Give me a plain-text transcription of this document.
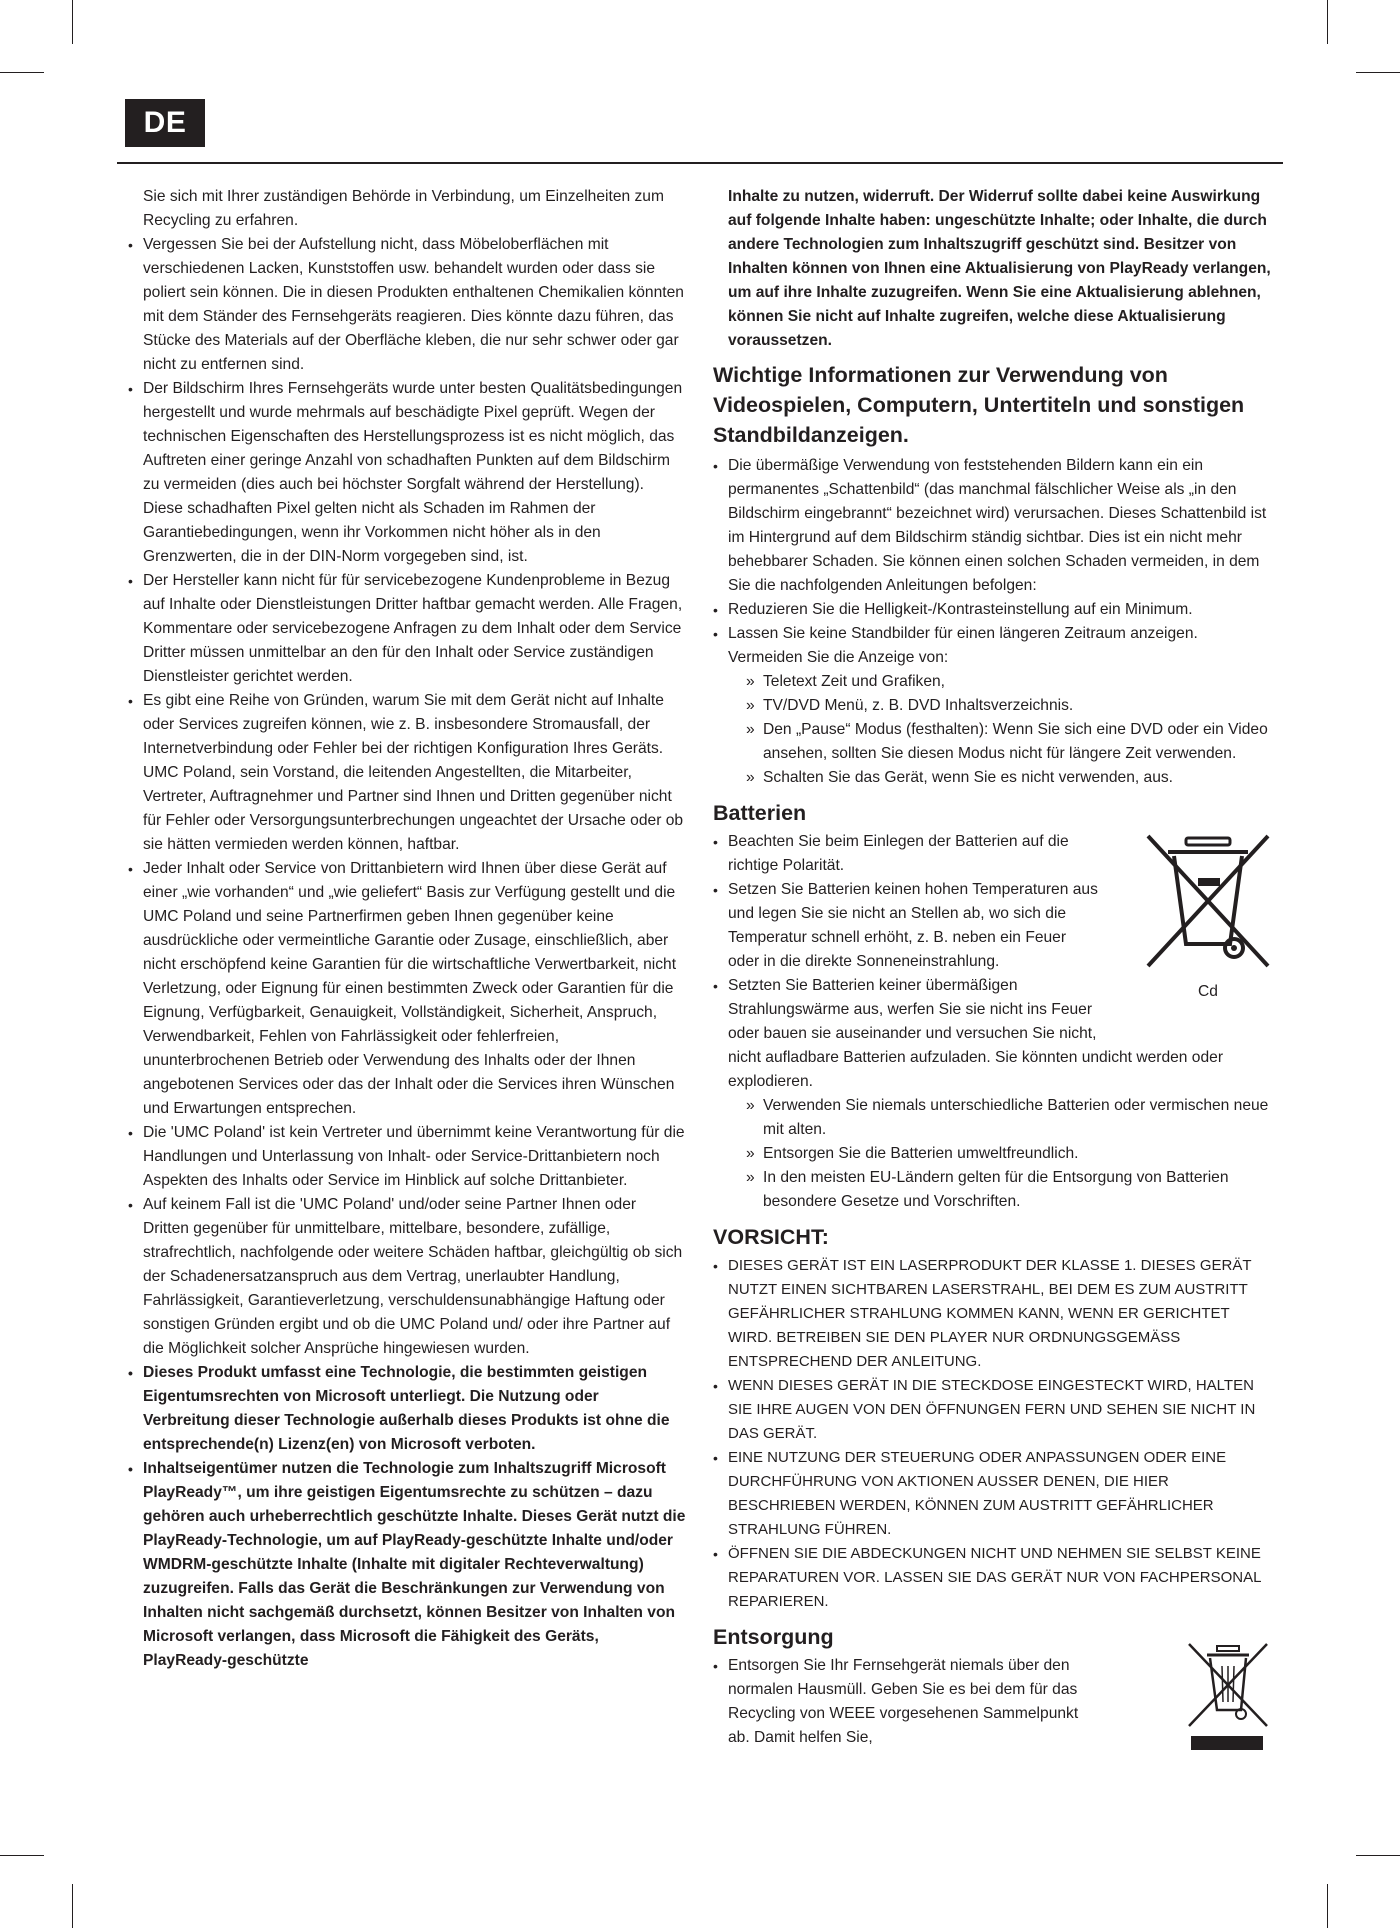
DE

Sie sich mit Ihrer zuständigen Behörde in Verbindung, um Einzelheiten zum Recycling zu erfahren.

• Vergessen Sie bei der Aufstellung nicht, dass Möbeloberflächen mit verschiedenen Lacken, Kunststoffen usw. behandelt wurden oder dass sie poliert sein können. Die in diesen Produkten enthaltenen Chemikalien könnten mit dem Ständer des Fernsehgeräts reagieren. Dies könnte dazu führen, das Stücke des Materials auf der Oberfläche kleben, die nur sehr schwer oder gar nicht zu entfernen sind.
• Der Bildschirm Ihres Fernsehgeräts wurde unter besten Qualitätsbedingungen hergestellt und wurde mehrmals auf beschädigte Pixel geprüft. Wegen der technischen Eigenschaften des Herstellungsprozess ist es nicht möglich, das Auftreten einer geringe Anzahl von schadhaften Punkten auf dem Bildschirm zu vermeiden (dies auch bei höchster Sorgfalt während der Herstellung). Diese schadhaften Pixel gelten nicht als Schaden im Rahmen der Garantiebedingungen, wenn ihr Vorkommen nicht höher als in den Grenzwerten, die in der DIN-Norm vorgegeben sind, ist.
• Der Hersteller kann nicht für für servicebezogene Kundenprobleme in Bezug auf Inhalte oder Dienstleistungen Dritter haftbar gemacht werden. Alle Fragen, Kommentare oder servicebezogene Anfragen zu dem Inhalt oder dem Service Dritter müssen unmittelbar an den für den Inhalt oder Service zuständigen Dienstleister gerichtet werden.
• Es gibt eine Reihe von Gründen, warum Sie mit dem Gerät nicht auf Inhalte oder Services zugreifen können, wie z. B. insbesondere Stromausfall, der Internetverbindung oder Fehler bei der richtigen Konfiguration Ihres Geräts. UMC Poland, sein Vorstand, die leitenden Angestellten, die Mitarbeiter, Vertreter, Auftragnehmer und Partner sind Ihnen und Dritten gegenüber nicht für Fehler oder Versorgungsunterbrechungen ungeachtet der Ursache oder ob sie hätten vermieden werden können, haftbar.
• Jeder Inhalt oder Service von Drittanbietern wird Ihnen über diese Gerät auf einer „wie vorhanden“ und „wie geliefert“ Basis zur Verfügung gestellt und die UMC Poland und seine Partnerfirmen geben Ihnen gegenüber keine ausdrückliche oder vermeintliche Garantie oder Zusage, einschließlich, aber nicht erschöpfend keine Garantien für die wirtschaftliche Verwertbarkeit, nicht Verletzung, oder Eignung für einen bestimmten Zweck oder Garantien für die Eignung, Verfügbarkeit, Genauigkeit, Vollständigkeit, Sicherheit, Anspruch, Verwendbarkeit, Fehlen von Fahrlässigkeit oder fehlerfreien, ununterbrochenen Betrieb oder Verwendung des Inhalts oder der Ihnen angebotenen Services oder das der Inhalt oder die Services ihren Wünschen und Erwartungen entsprechen.
• Die 'UMC Poland' ist kein Vertreter und übernimmt keine Verantwortung für die Handlungen und Unterlassung von Inhalt- oder Service-Drittanbietern noch Aspekten des Inhalts oder Service im Hinblick auf solche Drittanbieter.
• Auf keinem Fall ist die 'UMC Poland' und/oder seine Partner Ihnen oder Dritten gegenüber für unmittelbare, mittelbare, besondere, zufällige, strafrechtlich, nachfolgende oder weitere Schäden haftbar, gleichgültig ob sich der Schadenersatzanspruch aus dem Vertrag, unerlaubter Handlung, Fahrlässigkeit, Garantieverletzung, verschuldensunabhängige Haftung oder sonstigen Gründen ergibt und ob die UMC Poland und/ oder ihre Partner auf die Möglichkeit solcher Ansprüche hingewiesen wurden.
• Dieses Produkt umfasst eine Technologie, die bestimmten geistigen Eigentumsrechten von Microsoft unterliegt. Die Nutzung oder Verbreitung dieser Technologie außerhalb dieses Produkts ist ohne die entsprechende(n) Lizenz(en) von Microsoft verboten.
• Inhaltseigentümer nutzen die Technologie zum Inhaltszugriff Microsoft PlayReady™, um ihre geistigen Eigentumsrechte zu schützen – dazu gehören auch urheberrechtlich geschützte Inhalte. Dieses Gerät nutzt die PlayReady-Technologie, um auf PlayReady-geschützte Inhalte und/oder WMDRM-geschützte Inhalte (Inhalte mit digitaler Rechteverwaltung) zuzugreifen. Falls das Gerät die Beschränkungen zur Verwendung von Inhalten nicht sachgemäß durchsetzt, können Besitzer von Inhalten von Microsoft verlangen, dass Microsoft die Fähigkeit des Geräts, PlayReady-geschützte

Inhalte zu nutzen, widerruft. Der Widerruf sollte dabei keine Auswirkung auf folgende Inhalte haben: ungeschützte Inhalte; oder Inhalte, die durch andere Technologien zum Inhaltszugriff geschützt sind. Besitzer von Inhalten können von Ihnen eine Aktualisierung von PlayReady verlangen, um auf ihre Inhalte zuzugreifen. Wenn Sie eine Aktualisierung ablehnen, können Sie nicht auf Inhalte zugreifen, welche diese Aktualisierung voraussetzen.

Wichtige Informationen zur Verwendung von Videospielen, Computern, Untertiteln und sonstigen Standbildanzeigen.
• Die übermäßige Verwendung von feststehenden Bildern kann ein ein permanentes „Schattenbild“ (das manchmal fälschlicher Weise als „in den Bildschirm eingebrannt“ bezeichnet wird) verursachen. Dieses Schattenbild ist im Hintergrund auf dem Bildschirm ständig sichtbar. Dies ist ein nicht mehr behebbarer Schaden. Sie können einen solchen Schaden vermeiden, in dem Sie die nachfolgenden Anleitungen befolgen:
• Reduzieren Sie die Helligkeit-/Kontrasteinstellung auf ein Minimum.
• Lassen Sie keine Standbilder für einen längeren Zeitraum anzeigen. Vermeiden Sie die Anzeige von:
» Teletext Zeit und Grafiken,
» TV/DVD Menü, z. B. DVD Inhaltsverzeichnis.
» Den „Pause“ Modus (festhalten): Wenn Sie sich eine DVD oder ein Video ansehen, sollten Sie diesen Modus nicht für längere Zeit verwenden.
» Schalten Sie das Gerät, wenn Sie es nicht verwenden, aus.
Batterien
• Beachten Sie beim Einlegen der Batterien auf die richtige Polarität.
• Setzen Sie Batterien keinen hohen Temperaturen aus und legen Sie sie nicht an Stellen ab, wo sich die Temperatur schnell erhöht, z. B. neben ein Feuer oder in die direkte Sonneneinstrahlung.
• Setzten Sie Batterien keiner übermäßigen Strahlungswärme aus, werfen Sie sie nicht ins Feuer oder bauen sie auseinander und versuchen Sie nicht,
Cd

nicht aufladbare Batterien aufzuladen. Sie könnten undicht werden oder explodieren.

» Verwenden Sie niemals unterschiedliche Batterien oder vermischen neue mit alten.
» Entsorgen Sie die Batterien umweltfreundlich.
» In den meisten EU-Ländern gelten für die Entsorgung von Batterien besondere Gesetze und Vorschriften.
VORSICHT:
• DIESES GERÄT IST EIN LASERPRODUKT DER KLASSE 1. DIESES GERÄT NUTZT EINEN SICHTBAREN LASERSTRAHL, BEI DEM ES ZUM AUSTRITT GEFÄHRLICHER STRAHLUNG KOMMEN KANN, WENN ER GERICHTET WIRD. BETREIBEN SIE DEN PLAYER NUR ORDNUNGSGEMÄSS ENTSPRECHEND DER ANLEITUNG.
• WENN DIESES GERÄT IN DIE STECKDOSE EINGESTECKT WIRD, HALTEN SIE IHRE AUGEN VON DEN ÖFFNUNGEN FERN UND SEHEN SIE NICHT IN DAS GERÄT.
• EINE NUTZUNG DER STEUERUNG ODER ANPASSUNGEN ODER EINE DURCHFÜHRUNG VON AKTIONEN AUSSER DENEN, DIE HIER BESCHRIEBEN WERDEN, KÖNNEN ZUM AUSTRITT GEFÄHRLICHER STRAHLUNG FÜHREN.
• ÖFFNEN SIE DIE ABDECKUNGEN NICHT UND NEHMEN SIE SELBST KEINE REPARATUREN VOR. LASSEN SIE DAS GERÄT NUR VON FACHPERSONAL REPARIEREN.
Entsorgung
• Entsorgen Sie Ihr Fernsehgerät niemals über den normalen Hausmüll. Geben Sie es bei dem für das Recycling von WEEE vorgesehenen Sammelpunkt ab. Damit helfen Sie,
